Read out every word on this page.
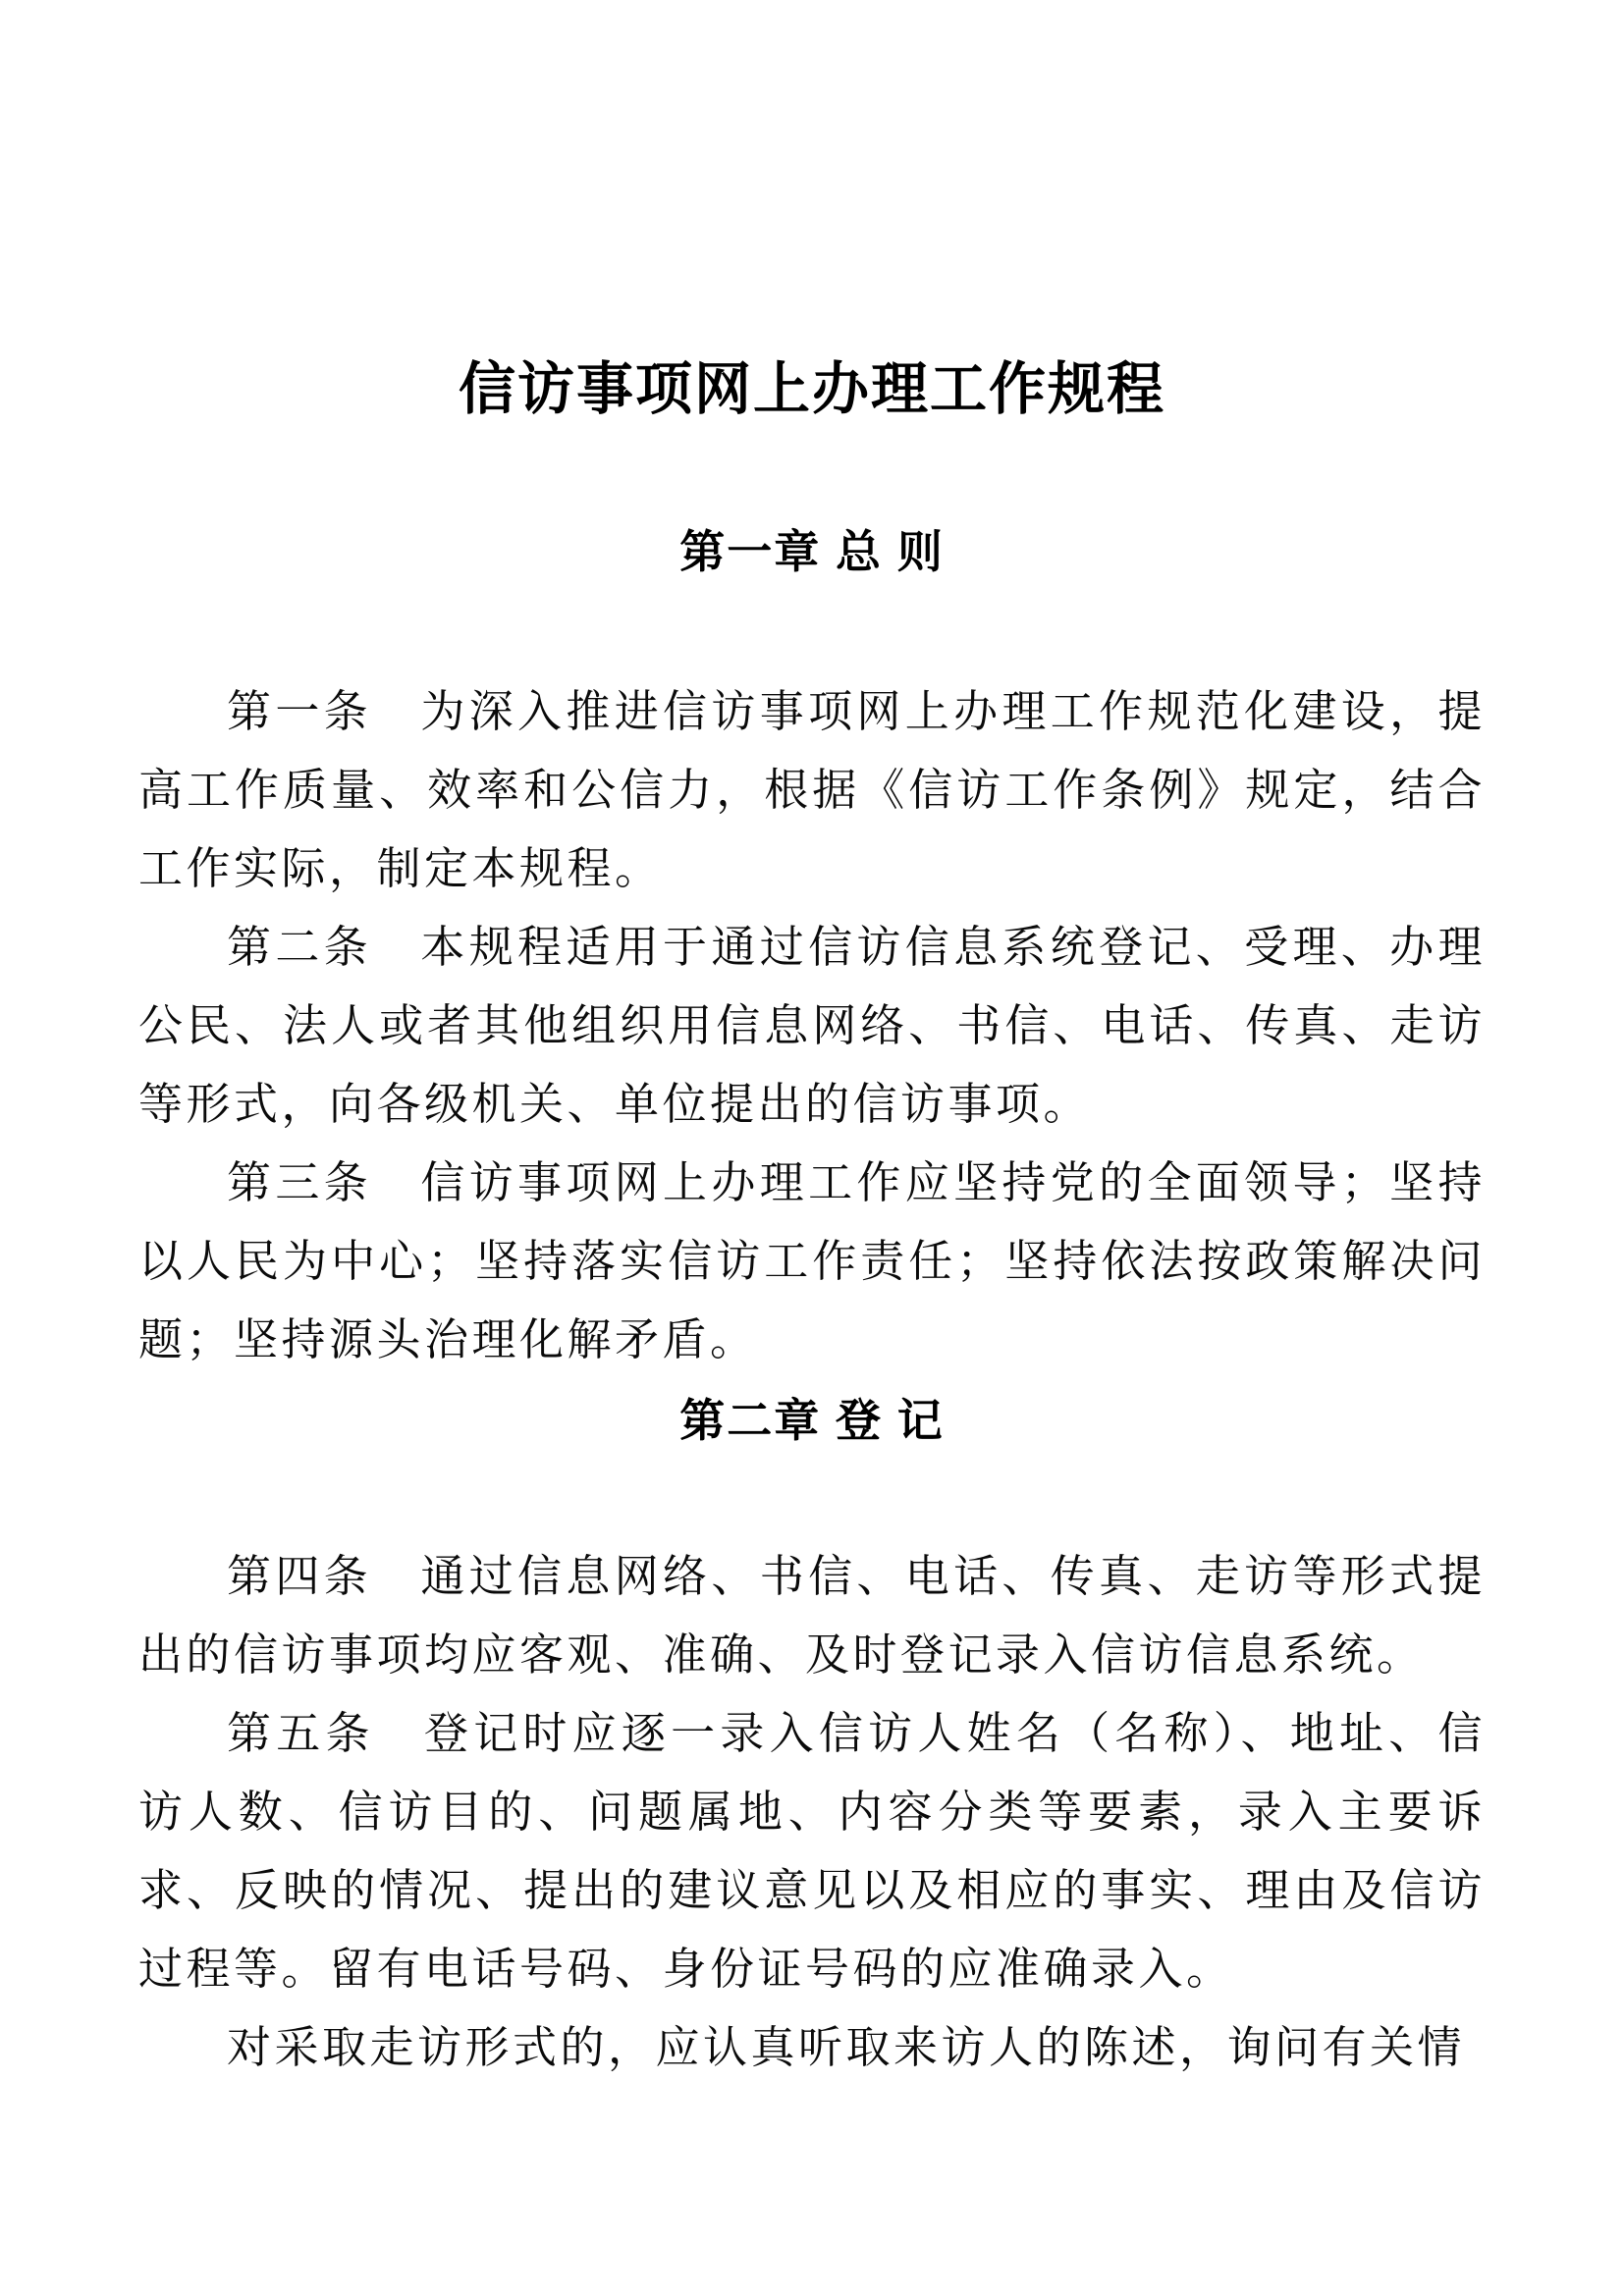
信访事项网上办理工作规程
第一章 总 则

第一条　为深入推进信访事项网上办理工作规范化建设，提高工作质量、效率和公信力，根据《信访工作条例》规定，结合工作实际，制定本规程。

第二条　本规程适用于通过信访信息系统登记、受理、办理公民、法人或者其他组织用信息网络、书信、电话、传真、走访等形式，向各级机关、单位提出的信访事项。

第三条　信访事项网上办理工作应坚持党的全面领导；坚持以人民为中心；坚持落实信访工作责任；坚持依法按政策解决问题；坚持源头治理化解矛盾。

第二章 登 记

第四条　通过信息网络、书信、电话、传真、走访等形式提出的信访事项均应客观、准确、及时登记录入信访信息系统。

第五条　登记时应逐一录入信访人姓名（名称）、地址、信访人数、信访目的、问题属地、内容分类等要素，录入主要诉求、反映的情况、提出的建议意见以及相应的事实、理由及信访过程等。留有电话号码、身份证号码的应准确录入。

对采取走访形式的，应认真听取来访人的陈述，询问有关情
